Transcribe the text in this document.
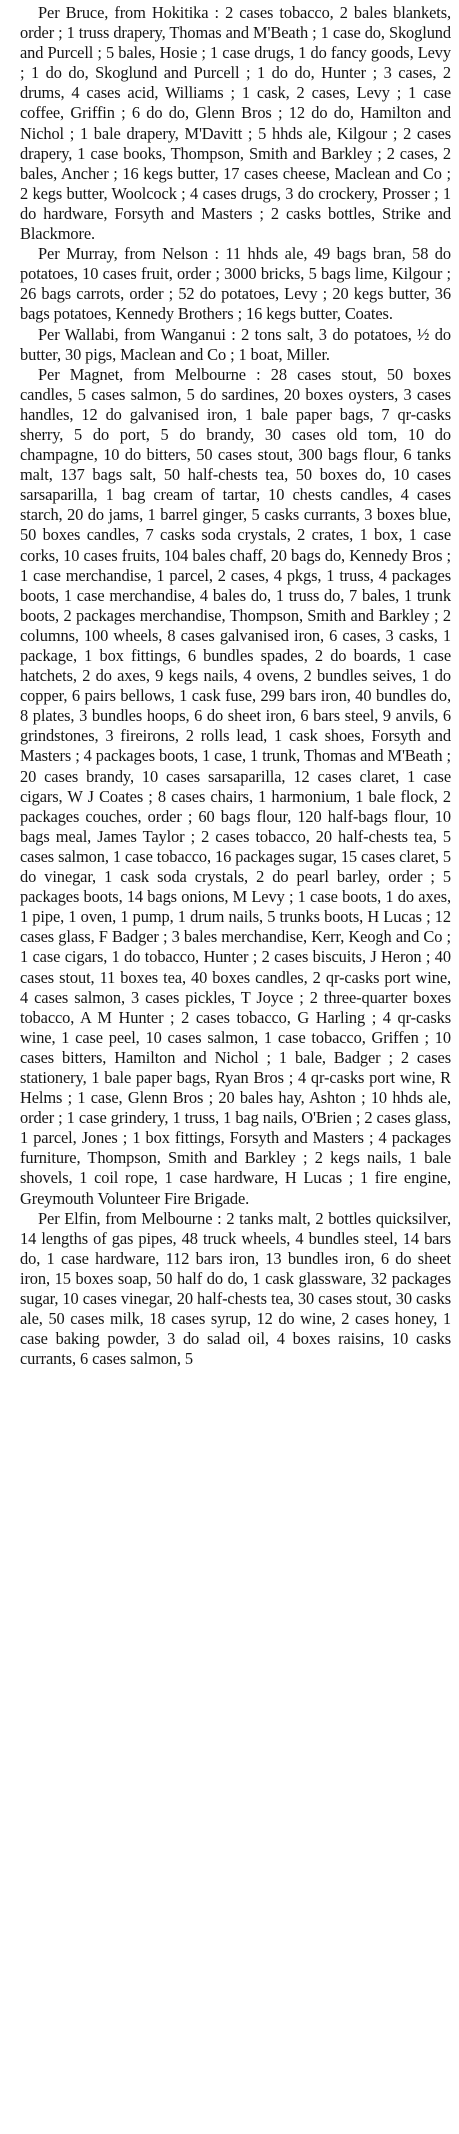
Per Bruce, from Hokitika : 2 cases tobacco, 2 bales blankets, order ; 1 truss drapery, Thomas and M'Beath ; 1 case do, Skoglund and Purcell ; 5 bales, Hosie ; 1 case drugs, 1 do fancy goods, Levy ; 1 do do, Skoglund and Purcell ; 1 do do, Hunter ; 3 cases, 2 drums, 4 cases acid, Williams ; 1 cask, 2 cases, Levy ; 1 case coffee, Griffin ; 6 do do, Glenn Bros ; 12 do do, Hamilton and Nichol ; 1 bale drapery, M'Davitt ; 5 hhds ale, Kilgour ; 2 cases drapery, 1 case books, Thompson, Smith and Barkley ; 2 cases, 2 bales, Ancher ; 16 kegs butter, 17 cases cheese, Maclean and Co ; 2 kegs butter, Woolcock ; 4 cases drugs, 3 do crockery, Prosser ; 1 do hardware, Forsyth and Masters ; 2 casks bottles, Strike and Blackmore.

Per Murray, from Nelson : 11 hhds ale, 49 bags bran, 58 do potatoes, 10 cases fruit, order ; 3000 bricks, 5 bags lime, Kilgour ; 26 bags carrots, order ; 52 do potatoes, Levy ; 20 kegs butter, 36 bags potatoes, Kennedy Brothers ; 16 kegs butter, Coates.

Per Wallabi, from Wanganui : 2 tons salt, 3 do potatoes, ½ do butter, 30 pigs, Maclean and Co ; 1 boat, Miller.

Per Magnet, from Melbourne : 28 cases stout, 50 boxes candles, 5 cases salmon, 5 do sardines, 20 boxes oysters, 3 cases handles, 12 do galvanised iron, 1 bale paper bags, 7 qr-casks sherry, 5 do port, 5 do brandy, 30 cases old tom, 10 do champagne, 10 do bitters, 50 cases stout, 300 bags flour, 6 tanks malt, 137 bags salt, 50 half-chests tea, 50 boxes do, 10 cases sarsaparilla, 1 bag cream of tartar, 10 chests candles, 4 cases starch, 20 do jams, 1 barrel ginger, 5 casks currants, 3 boxes blue, 50 boxes candles, 7 casks soda crystals, 2 crates, 1 box, 1 case corks, 10 cases fruits, 104 bales chaff, 20 bags do, Kennedy Bros ; 1 case merchandise, 1 parcel, 2 cases, 4 pkgs, 1 truss, 4 packages boots, 1 case merchandise, 4 bales do, 1 truss do, 7 bales, 1 trunk boots, 2 packages merchandise, Thompson, Smith and Barkley ; 2 columns, 100 wheels, 8 cases galvanised iron, 6 cases, 3 casks, 1 package, 1 box fittings, 6 bundles spades, 2 do boards, 1 case hatchets, 2 do axes, 9 kegs nails, 4 ovens, 2 bundles seives, 1 do copper, 6 pairs bellows, 1 cask fuse, 299 bars iron, 40 bundles do, 8 plates, 3 bundles hoops, 6 do sheet iron, 6 bars steel, 9 anvils, 6 grindstones, 3 fireirons, 2 rolls lead, 1 cask shoes, Forsyth and Masters ; 4 packages boots, 1 case, 1 trunk, Thomas and M'Beath ; 20 cases brandy, 10 cases sarsaparilla, 12 cases claret, 1 case cigars, W J Coates ; 8 cases chairs, 1 harmonium, 1 bale flock, 2 packages couches, order ; 60 bags flour, 120 half-bags flour, 10 bags meal, James Taylor ; 2 cases tobacco, 20 half-chests tea, 5 cases salmon, 1 case tobacco, 16 packages sugar, 15 cases claret, 5 do vinegar, 1 cask soda crystals, 2 do pearl barley, order ; 5 packages boots, 14 bags onions, M Levy ; 1 case boots, 1 do axes, 1 pipe, 1 oven, 1 pump, 1 drum nails, 5 trunks boots, H Lucas ; 12 cases glass, F Badger ; 3 bales merchandise, Kerr, Keogh and Co ; 1 case cigars, 1 do tobacco, Hunter ; 2 cases biscuits, J Heron ; 40 cases stout, 11 boxes tea, 40 boxes candles, 2 qr-casks port wine, 4 cases salmon, 3 cases pickles, T Joyce ; 2 three-quarter boxes tobacco, A M Hunter ; 2 cases tobacco, G Harling ; 4 qr-casks wine, 1 case peel, 10 cases salmon, 1 case tobacco, Griffen ; 10 cases bitters, Hamilton and Nichol ; 1 bale, Badger ; 2 cases stationery, 1 bale paper bags, Ryan Bros ; 4 qr-casks port wine, R Helms ; 1 case, Glenn Bros ; 20 bales hay, Ashton ; 10 hhds ale, order ; 1 case grindery, 1 truss, 1 bag nails, O'Brien ; 2 cases glass, 1 parcel, Jones ; 1 box fittings, Forsyth and Masters ; 4 packages furniture, Thompson, Smith and Barkley ; 2 kegs nails, 1 bale shovels, 1 coil rope, 1 case hardware, H Lucas ; 1 fire engine, Greymouth Volunteer Fire Brigade.

Per Elfin, from Melbourne : 2 tanks malt, 2 bottles quicksilver, 14 lengths of gas pipes, 48 truck wheels, 4 bundles steel, 14 bars do, 1 case hardware, 112 bars iron, 13 bundles iron, 6 do sheet iron, 15 boxes soap, 50 half do do, 1 cask glassware, 32 packages sugar, 10 cases vinegar, 20 half-chests tea, 30 cases stout, 30 casks ale, 50 cases milk, 18 cases syrup, 12 do wine, 2 cases honey, 1 case baking powder, 3 do salad oil, 4 boxes raisins, 10 casks currants, 6 cases salmon, 5
